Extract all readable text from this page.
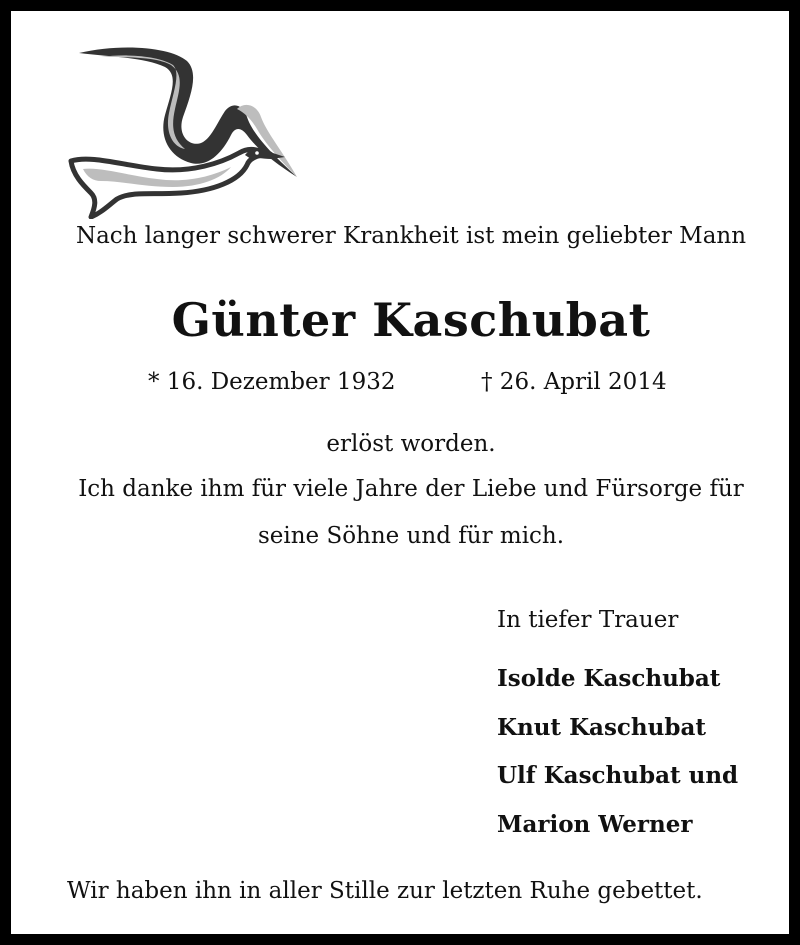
Nach langer schwerer Krankheit ist mein geliebter Mann
Günter Kaschubat
* 16. Dezember 1932	† 26. April 2014
erlöst worden.
Ich danke ihm für viele Jahre der Liebe und Fürsorge für
seine Söhne und für mich.
In tiefer Trauer
Isolde Kaschubat
Knut Kaschubat
Ulf Kaschubat und
Marion Werner
Wir haben ihn in aller Stille zur letzten Ruhe gebettet.
